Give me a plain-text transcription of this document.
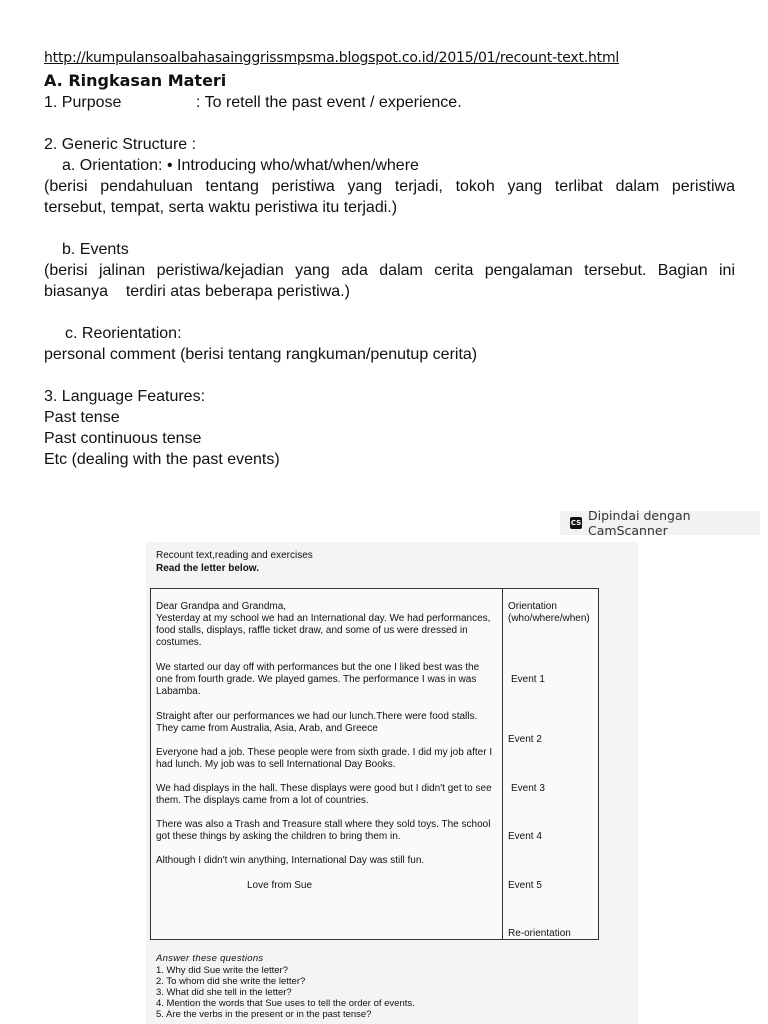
http://kumpulansoalbahasainggrissmpsma.blogspot.co.id/2015/01/recount-text.html
A. Ringkasan Materi
1. Purpose	: To retell the past event / experience.
2. Generic Structure :
a. Orientation: • Introducing who/what/when/where
(berisi pendahuluan tentang peristiwa yang terjadi, tokoh yang terlibat dalam peristiwa
tersebut, tempat, serta waktu peristiwa itu terjadi.)
b. Events
(berisi jalinan peristiwa/kejadian yang ada dalam cerita pengalaman tersebut. Bagian ini
biasanya    terdiri atas beberapa peristiwa.)
c. Reorientation:
personal comment (berisi tentang rangkuman/penutup cerita)
3. Language Features:
Past tense
Past continuous tense
Etc (dealing with the past events)
CS Dipindai dengan CamScanner
Recount text,reading and exercises
Read the letter below.
Dear Grandpa and Grandma,
Yesterday at my school we had an International day. We had performances, food stalls, displays, raffle ticket draw, and some of us were dressed in costumes.
We started our day off with performances but the one I liked best was the one from fourth grade. We played games. The performance I was in was Labamba.
Straight after our performances we had our lunch.There were food stalls. They came from Australia, Asia, Arab, and Greece
Everyone had a job. These people were from sixth grade. I did my job after I had lunch. My job was to sell International Day Books.
We had displays in the hall. These displays were good but I didn't get to see them. The displays came from a lot of countries.
There was also a Trash and Treasure stall where they sold toys. The school got these things by asking the children to bring them in.
Although I didn't win anything, International Day was still fun.
Love from Sue
Orientation
(who/where/when)
Event 1
Event 2
Event 3
Event 4
Event 5
Re-orientation
Answer these questions
1. Why did Sue write the letter?
2. To whom did she write the letter?
3. What did she tell in the letter?
4. Mention the words that Sue uses to tell the order of events.
5. Are the verbs in the present or in the past tense?
